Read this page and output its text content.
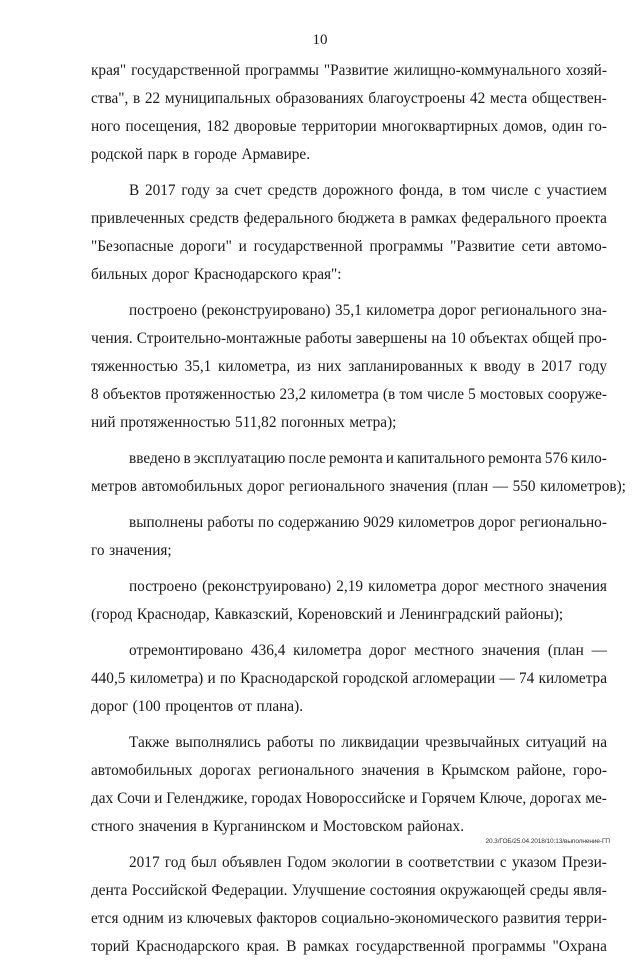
10
края" государственной программы "Развитие жилищно-коммунального хозяй-
ства", в 22 муниципальных образованиях благоустроены 42 места обществен-
ного посещения, 182 дворовые территории многоквартирных домов, один го-
родской парк в городе Армавире.
В 2017 году за счет средств дорожного фонда, в том числе с участием
привлеченных средств федерального бюджета в рамках федерального проекта
"Безопасные дороги" и государственной программы "Развитие сети автомо-
бильных дорог Краснодарского края":
построено (реконструировано) 35,1 километра дорог регионального зна-
чения. Строительно-монтажные работы завершены на 10 объектах общей про-
тяженностью 35,1 километра, из них запланированных к вводу в 2017 году
8 объектов протяженностью 23,2 километра (в том числе 5 мостовых сооруже-
ний протяженностью 511,82 погонных метра);
введено в эксплуатацию после ремонта и капитального ремонта 576 кило-
метров автомобильных дорог регионального значения (план — 550 километров);
выполнены работы по содержанию 9029 километров дорог регионально-
го значения;
построено (реконструировано) 2,19 километра дорог местного значения
(город Краснодар, Кавказский, Кореновский и Ленинградский районы);
отремонтировано 436,4 километра дорог местного значения (план —
440,5 километра) и по Краснодарской городской агломерации — 74 километра
дорог (100 процентов от плана).
Также выполнялись работы по ликвидации чрезвычайных ситуаций на
автомобильных дорогах регионального значения в Крымском районе, горо-
дах Сочи и Геленджике, городах Новороссийске и Горячем Ключе, дорогах ме-
стного значения в Курганинском и Мостовском районах.
2017 год был объявлен Годом экологии в соответствии с указом Прези-
дента Российской Федерации. Улучшение состояния окружающей среды явля-
ется одним из ключевых факторов социально-экономического развития терри-
торий Краснодарского края. В рамках государственной программы "Охрана
20.3/ГОБ/25.04.2018/10:13/выполнение-ГП
